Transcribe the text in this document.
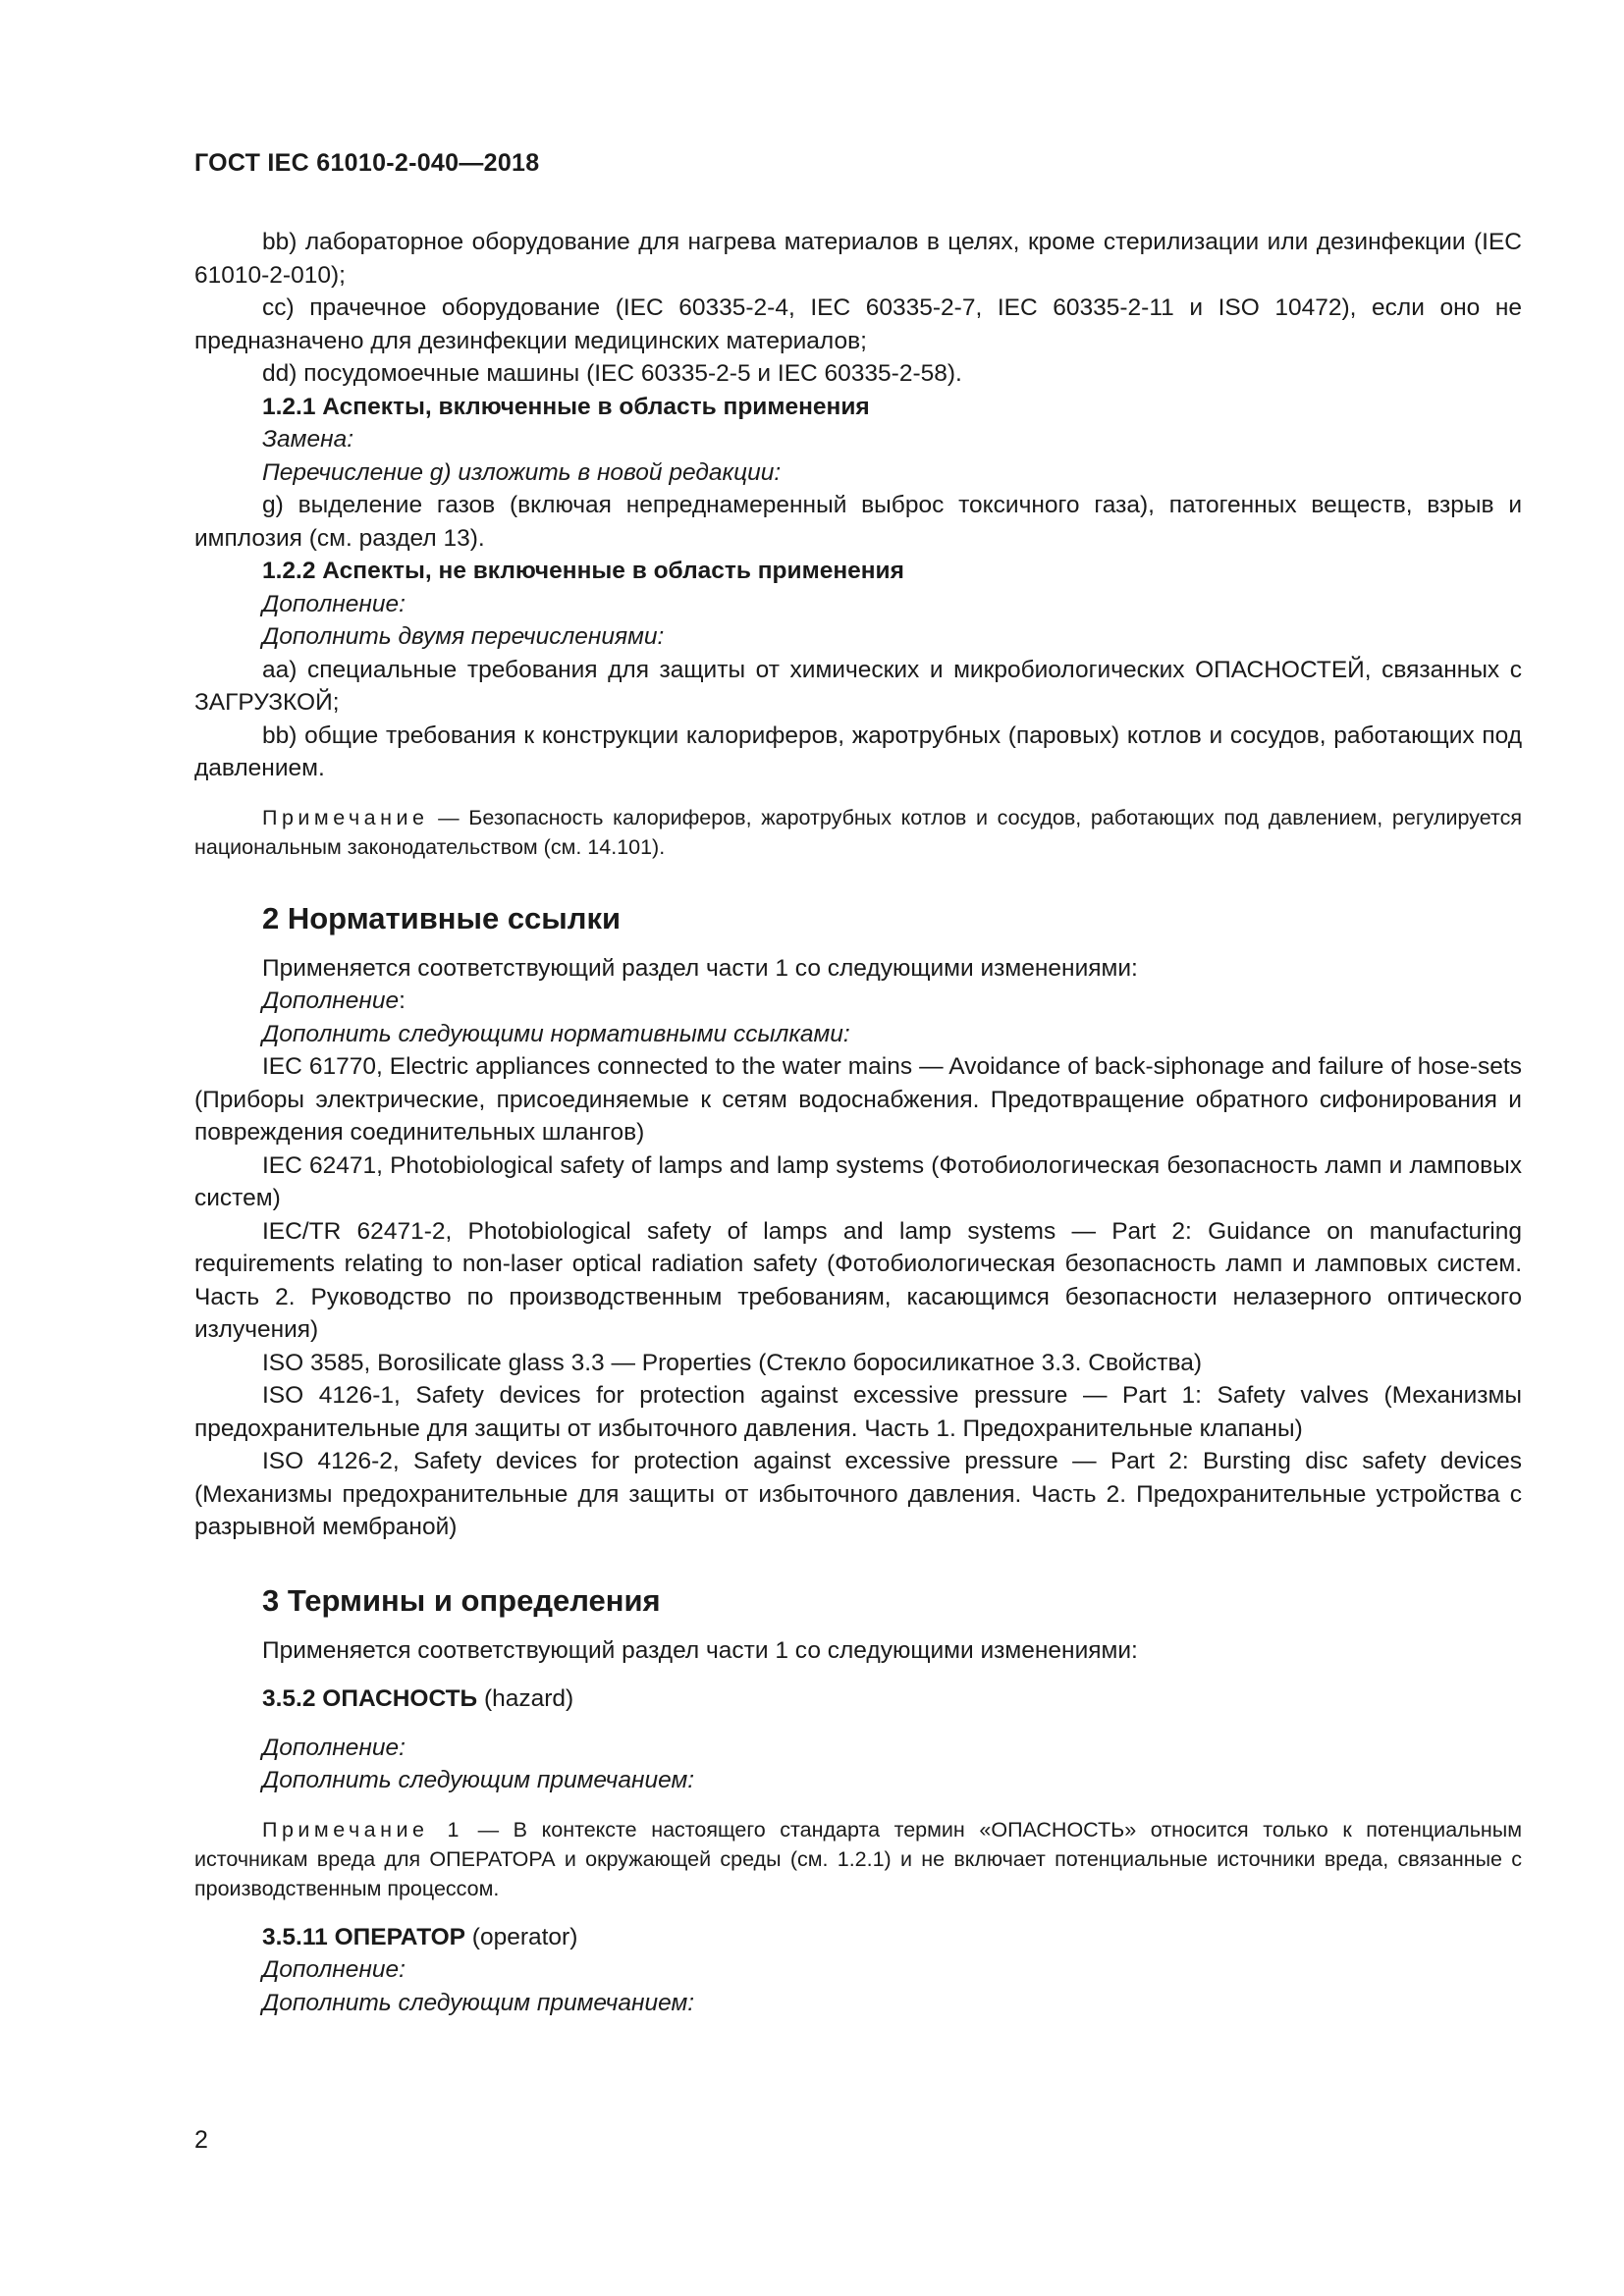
ГОСТ IEC 61010-2-040—2018

bb) лабораторное оборудование для нагрева материалов в целях, кроме стерилизации или дезинфекции (IEC 61010-2-010);

cc) прачечное оборудование (IEC 60335-2-4, IEC 60335-2-7, IEC 60335-2-11 и ISO 10472), если оно не предназначено для дезинфекции медицинских материалов;

dd) посудомоечные машины (IEC 60335-2-5 и IEC 60335-2-58).

1.2.1 Аспекты, включенные в область применения

Замена:

Перечисление g) изложить в новой редакции:

g) выделение газов (включая непреднамеренный выброс токсичного газа), патогенных веществ, взрыв и имплозия (см. раздел 13).

1.2.2 Аспекты, не включенные в область применения

Дополнение:

Дополнить двумя перечислениями:

aa) специальные требования для защиты от химических и микробиологических ОПАСНОСТЕЙ, связанных с ЗАГРУЗКОЙ;

bb) общие требования к конструкции калориферов, жаротрубных (паровых) котлов и сосудов, работающих под давлением.

Примечание — Безопасность калориферов, жаротрубных котлов и сосудов, работающих под давлением, регулируется национальным законодательством (см. 14.101).

2 Нормативные ссылки

Применяется соответствующий раздел части 1 со следующими изменениями:

Дополнение:

Дополнить следующими нормативными ссылками:

IEC 61770, Electric appliances connected to the water mains — Avoidance of back-siphonage and failure of hose-sets (Приборы электрические, присоединяемые к сетям водоснабжения. Предотвращение обратного сифонирования и повреждения соединительных шлангов)

IEC 62471, Photobiological safety of lamps and lamp systems (Фотобиологическая безопасность ламп и ламповых систем)

IEC/TR 62471-2, Photobiological safety of lamps and lamp systems — Part 2: Guidance on manufacturing requirements relating to non-laser optical radiation safety (Фотобиологическая безопасность ламп и ламповых систем. Часть 2. Руководство по производственным требованиям, касающимся безопасности нелазерного оптического излучения)

ISO 3585, Borosilicate glass 3.3 — Properties (Стекло боросиликатное 3.3. Свойства)

ISO 4126-1, Safety devices for protection against excessive pressure — Part 1: Safety valves (Механизмы предохранительные для защиты от избыточного давления. Часть 1. Предохранительные клапаны)

ISO 4126-2, Safety devices for protection against excessive pressure — Part 2: Bursting disc safety devices (Механизмы предохранительные для защиты от избыточного давления. Часть 2. Предохранительные устройства с разрывной мембраной)

3 Термины и определения

Применяется соответствующий раздел части 1 со следующими изменениями:

3.5.2 ОПАСНОСТЬ (hazard)

Дополнение:

Дополнить следующим примечанием:

Примечание 1 — В контексте настоящего стандарта термин «ОПАСНОСТЬ» относится только к потенциальным источникам вреда для ОПЕРАТОРА и окружающей среды (см. 1.2.1) и не включает потенциальные источники вреда, связанные с производственным процессом.

3.5.11 ОПЕРАТОР (operator)

Дополнение:

Дополнить следующим примечанием:

2
